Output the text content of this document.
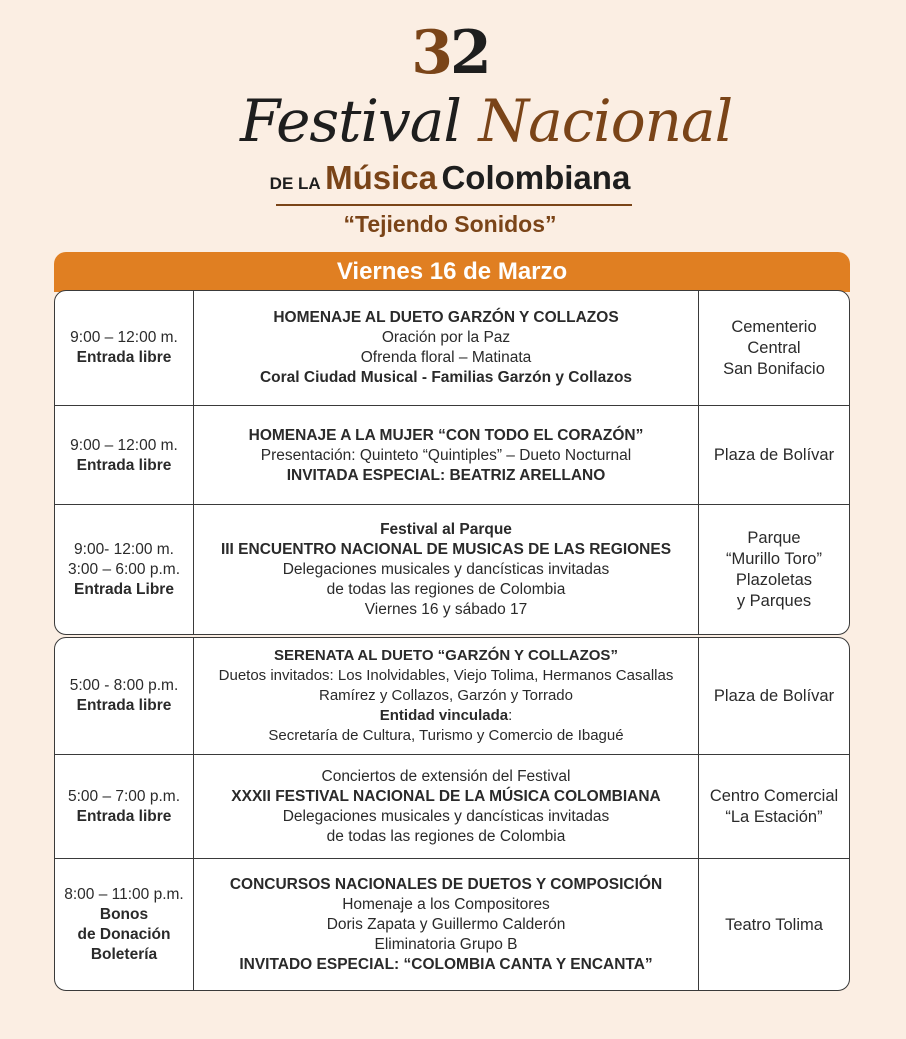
32
Festival Nacional
DE LA Música Colombiana
“Tejiendo Sonidos”
Viernes 16 de Marzo
9:00 – 12:00 m.
Entrada libre
HOMENAJE AL DUETO GARZÓN Y COLLAZOS
Oración por la Paz
Ofrenda floral – Matinata
Coral Ciudad Musical - Familias Garzón y Collazos
Cementerio
Central
San Bonifacio
9:00 – 12:00 m.
Entrada libre
HOMENAJE A LA MUJER “CON TODO EL CORAZÓN”
Presentación: Quinteto “Quintiples” – Dueto Nocturnal
INVITADA ESPECIAL: BEATRIZ ARELLANO
Plaza de Bolívar
9:00- 12:00 m.
3:00 – 6:00 p.m.
Entrada Libre
Festival al Parque
III ENCUENTRO NACIONAL DE MUSICAS DE LAS REGIONES
Delegaciones musicales y dancísticas invitadas
de todas las regiones de Colombia
Viernes 16 y sábado 17
Parque
“Murillo Toro”
Plazoletas
y Parques
5:00 - 8:00 p.m.
Entrada libre
SERENATA AL DUETO “GARZÓN Y COLLAZOS”
Duetos invitados: Los Inolvidables, Viejo Tolima, Hermanos Casallas
Ramírez y Collazos, Garzón y Torrado
Entidad vinculada:
Secretaría de Cultura, Turismo y Comercio de Ibagué
Plaza de Bolívar
5:00 – 7:00 p.m.
Entrada libre
Conciertos de extensión del Festival
XXXII FESTIVAL NACIONAL DE LA MÚSICA COLOMBIANA
Delegaciones musicales y dancísticas invitadas
de todas las regiones de Colombia
Centro Comercial
“La Estación”
8:00 – 11:00 p.m.
Bonos
de Donación
Boletería
CONCURSOS NACIONALES DE DUETOS Y COMPOSICIÓN
Homenaje a los Compositores
Doris Zapata y Guillermo Calderón
Eliminatoria Grupo B
INVITADO ESPECIAL: “COLOMBIA CANTA Y ENCANTA”
Teatro Tolima
